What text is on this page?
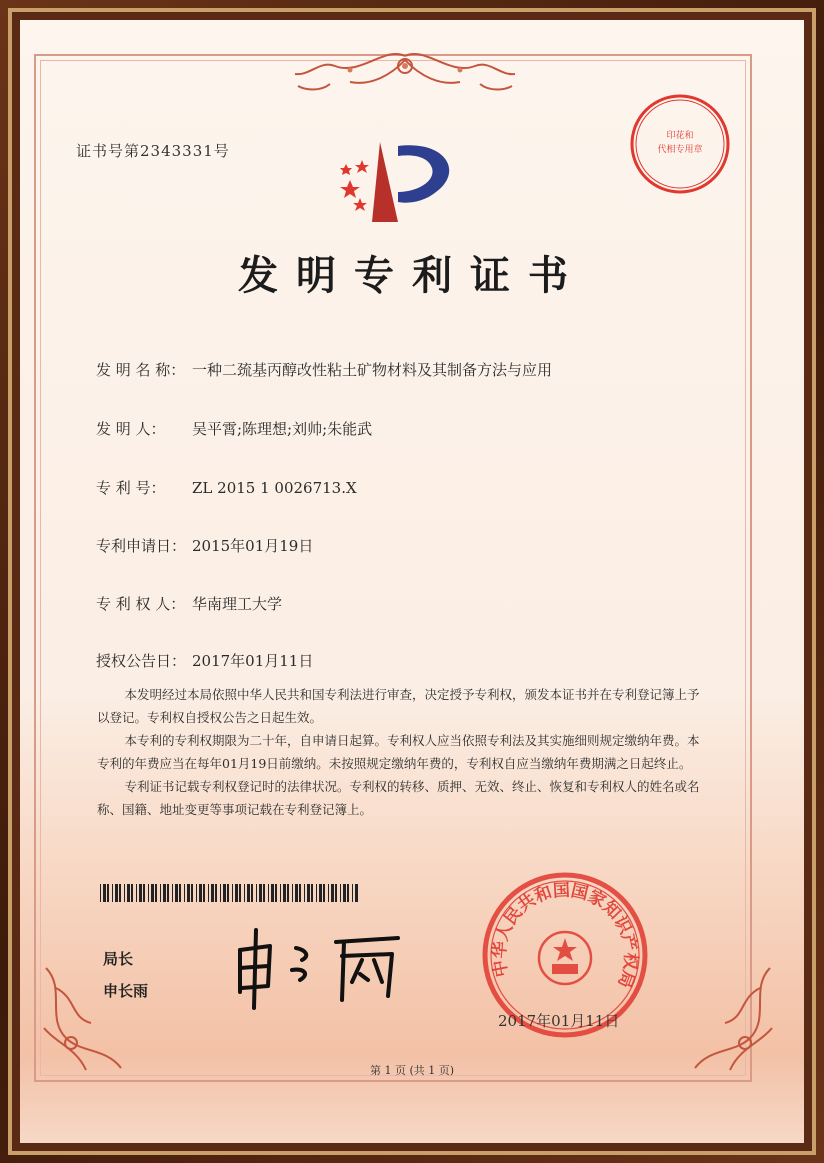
证书号第2343331号
印花和
代相专用章
发明专利证书
发 明 名 称： 一种二巯基丙醇改性粘土矿物材料及其制备方法与应用
发 明 人： 吴平霄;陈理想;刘帅;朱能武
专 利 号： ZL 2015 1 0026713.X
专利申请日： 2015年01月19日
专 利 权 人： 华南理工大学
授权公告日： 2017年01月11日

本发明经过本局依照中华人民共和国专利法进行审查，决定授予专利权，颁发本证书并在专利登记簿上予以登记。专利权自授权公告之日起生效。

本专利的专利权期限为二十年，自申请日起算。专利权人应当依照专利法及其实施细则规定缴纳年费。本专利的年费应当在每年01月19日前缴纳。未按照规定缴纳年费的，专利权自应当缴纳年费期满之日起终止。

专利证书记载专利权登记时的法律状况。专利权的转移、质押、无效、终止、恢复和专利权人的姓名或名称、国籍、地址变更等事项记载在专利登记簿上。

局长
申长雨
中华人民共和国国家知识产权局
2017年01月11日
第 1 页 (共 1 页)
